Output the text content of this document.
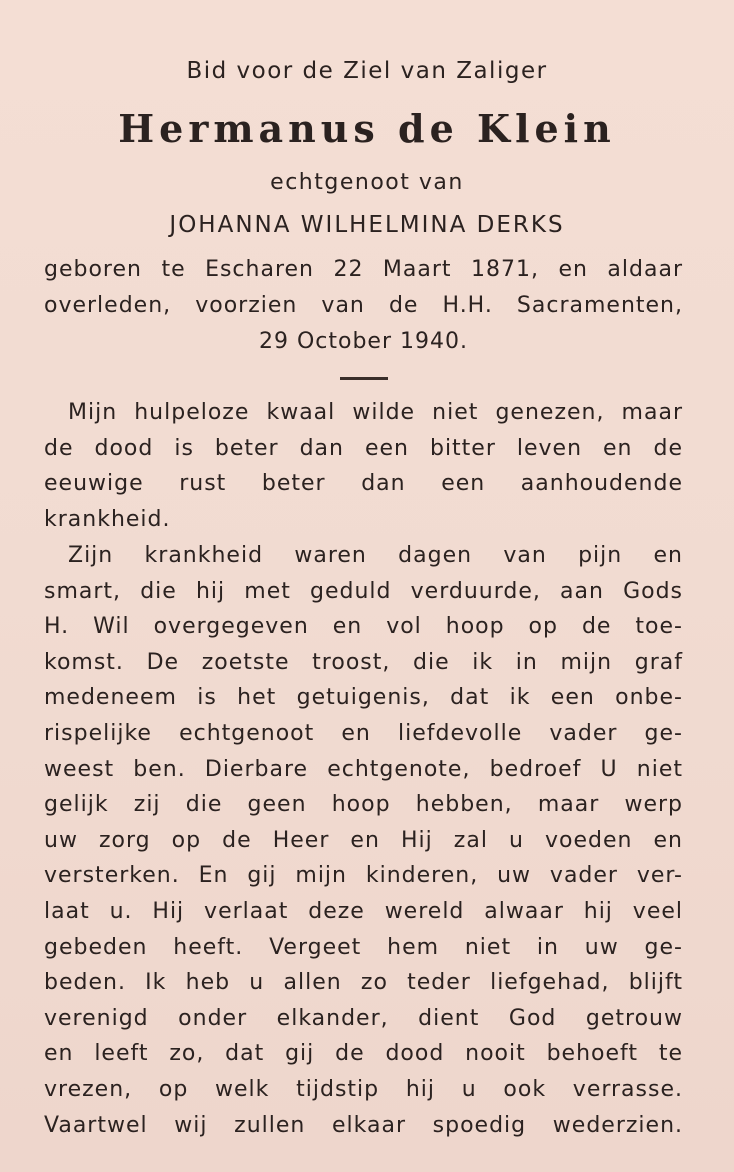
Bid voor de Ziel van Zaliger
Hermanus de Klein
echtgenoot van
JOHANNA WILHELMINA DERKS
geboren te Escharen 22 Maart 1871, en aldaar
overleden, voorzien van de H.H. Sacramenten,
29 October 1940.
Mijn hulpeloze kwaal wilde niet genezen, maar
de dood is beter dan een bitter leven en de
eeuwige rust beter dan een aanhoudende
krankheid.
Zijn krankheid waren dagen van pijn en
smart, die hij met geduld verduurde, aan Gods
H. Wil overgegeven en vol hoop op de toe-
komst. De zoetste troost, die ik in mijn graf
medeneem is het getuigenis, dat ik een onbe-
rispelijke echtgenoot en liefdevolle vader ge-
weest ben. Dierbare echtgenote, bedroef U niet
gelijk zij die geen hoop hebben, maar werp
uw zorg op de Heer en Hij zal u voeden en
versterken. En gij mijn kinderen, uw vader ver-
laat u. Hij verlaat deze wereld alwaar hij veel
gebeden heeft. Vergeet hem niet in uw ge-
beden. Ik heb u allen zo teder liefgehad, blijft
verenigd onder elkander, dient God getrouw
en leeft zo, dat gij de dood nooit behoeft te
vrezen, op welk tijdstip hij u ook verrasse.
Vaartwel wij zullen elkaar spoedig wederzien.
